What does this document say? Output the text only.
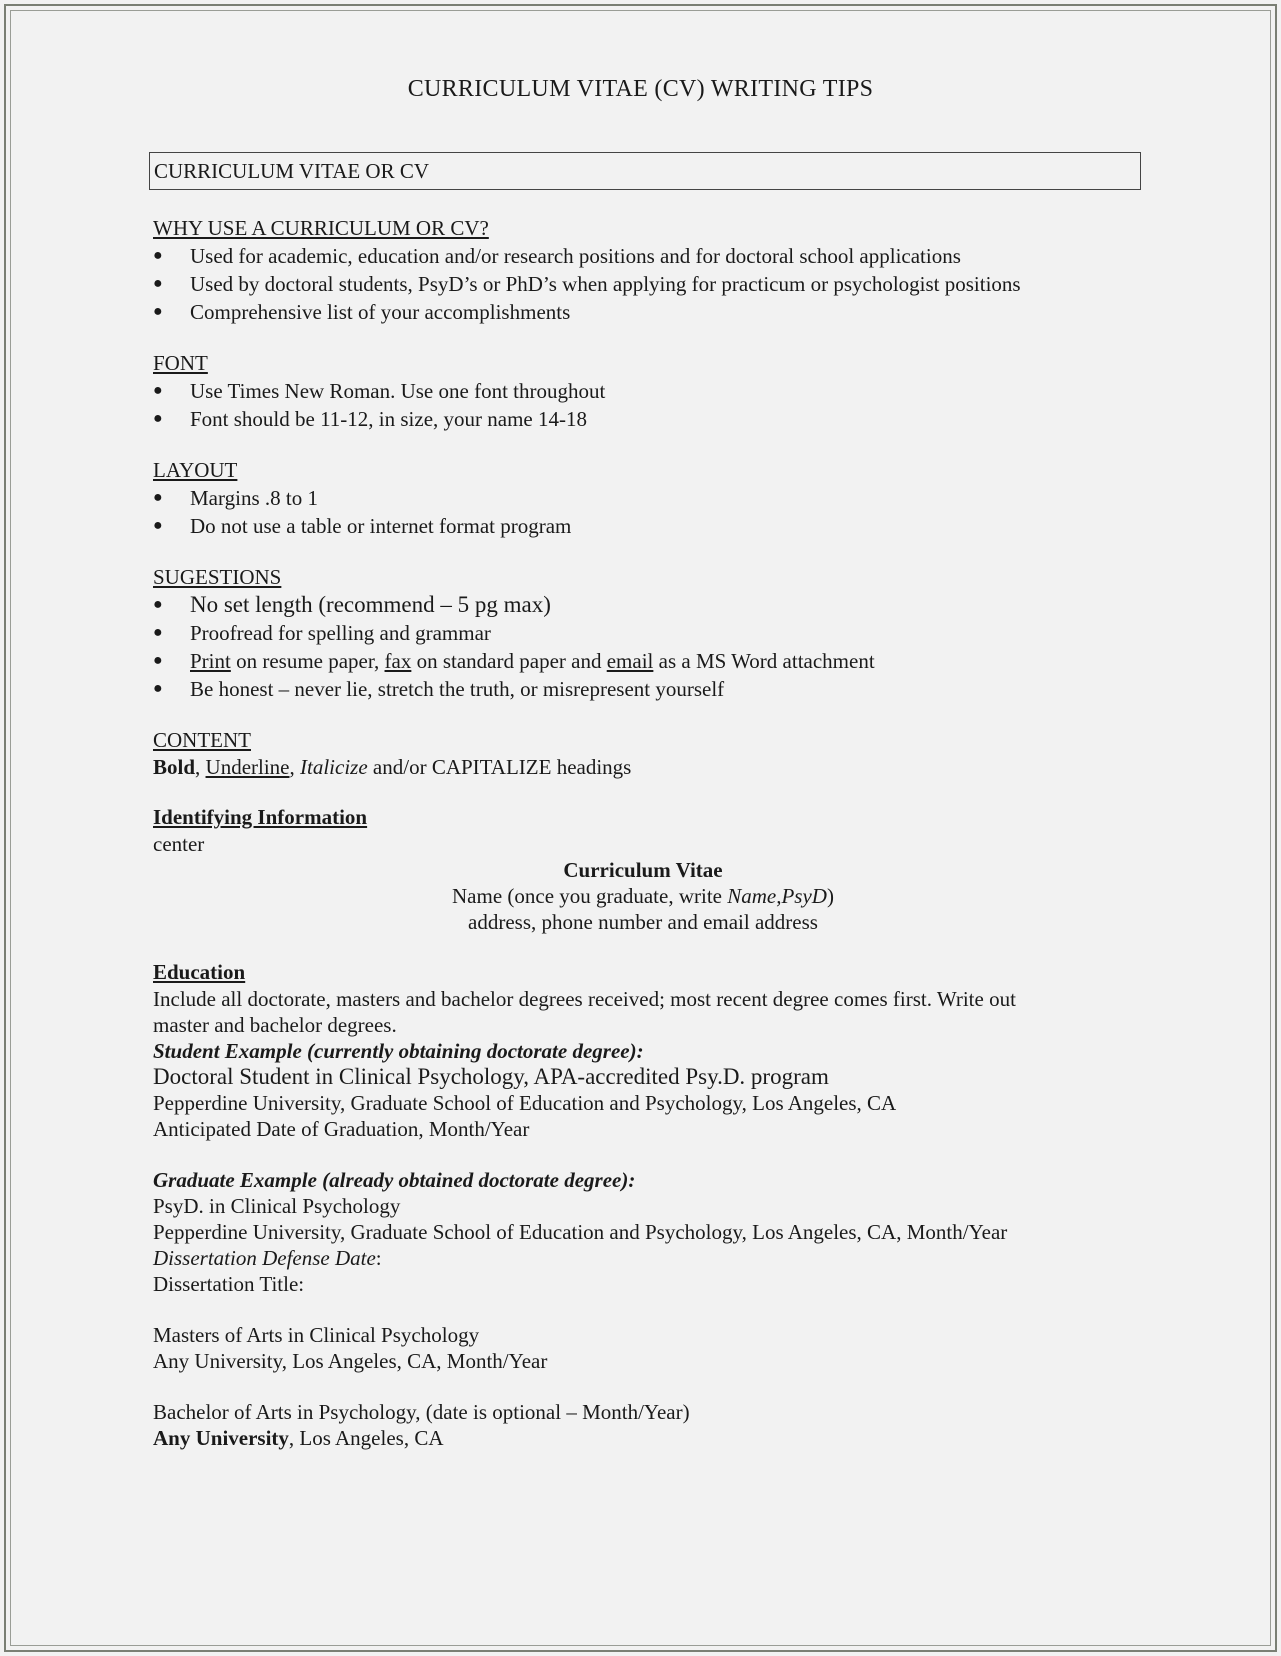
CURRICULUM VITAE (CV) WRITING TIPS
CURRICULUM VITAE OR CV
WHY USE A CURRICULUM OR CV?
● Used for academic, education and/or research positions and for doctoral school applications
● Used by doctoral students, PsyD’s or PhD’s when applying for practicum or psychologist positions
● Comprehensive list of your accomplishments
FONT
● Use Times New Roman. Use one font throughout
● Font should be 11-12, in size, your name 14-18
LAYOUT
● Margins .8 to 1
● Do not use a table or internet format program
SUGESTIONS
● No set length (recommend – 5 pg max)
● Proofread for spelling and grammar
● Print on resume paper, fax on standard paper and email as a MS Word attachment
● Be honest – never lie, stretch the truth, or misrepresent yourself
CONTENT
Bold, Underline, Italicize and/or CAPITALIZE headings
Identifying Information
center
Curriculum Vitae
Name (once you graduate, write Name,PsyD)
address, phone number and email address
Education
Include all doctorate, masters and bachelor degrees received; most recent degree comes first. Write out
master and bachelor degrees.
Student Example (currently obtaining doctorate degree):
Doctoral Student in Clinical Psychology, APA-accredited Psy.D. program
Pepperdine University, Graduate School of Education and Psychology, Los Angeles, CA
Anticipated Date of Graduation, Month/Year
Graduate Example (already obtained doctorate degree):
PsyD. in Clinical Psychology
Pepperdine University, Graduate School of Education and Psychology, Los Angeles, CA, Month/Year
Dissertation Defense Date:
Dissertation Title:
Masters of Arts in Clinical Psychology
Any University, Los Angeles, CA, Month/Year
Bachelor of Arts in Psychology, (date is optional – Month/Year)
Any University, Los Angeles, CA
